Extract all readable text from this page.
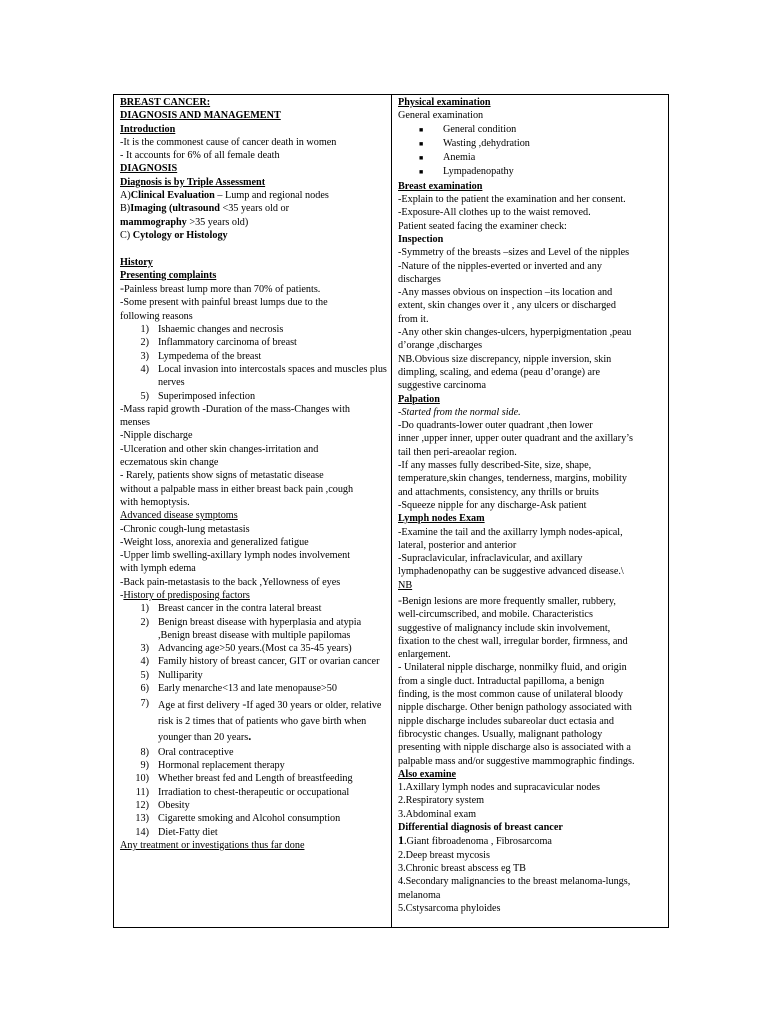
BREAST CANCER:
DIAGNOSIS AND MANAGEMENT
Introduction
-It is the commonest cause of cancer death in women
- It accounts for 6% of all female death
DIAGNOSIS
Diagnosis is by Triple Assessment
A)Clinical Evaluation – Lump and regional nodes
B)Imaging (ultrasound <35 years old or
mammography >35 years old)
C) Cytology or Histology
History
Presenting complaints
-Painless breast lump more than 70% of patients.
-Some present with painful breast lumps due to the
following reasons
1) Ishaemic changes and necrosis
2) Inflammatory carcinoma of breast
3) Lympedema of the breast
4) Local invasion into intercostals spaces and muscles plus nerves
5) Superimposed infection
-Mass rapid growth -Duration of the mass-Changes with
menses
-Nipple discharge
-Ulceration and other skin changes-irritation and
eczematous skin change
- Rarely, patients show signs of metastatic disease
without a palpable mass in either breast back pain ,cough
with hemoptysis.
Advanced disease symptoms
-Chronic cough-lung metastasis
-Weight loss, anorexia and generalized fatigue
-Upper limb swelling-axillary lymph nodes involvement
with lymph edema
-Back pain-metastasis to the back ,Yellowness of eyes
-History of predisposing factors
1) Breast cancer in the contra lateral breast
2) Benign breast disease with hyperplasia and atypia ,Benign breast disease with multiple papilomas
3) Advancing age>50 years.(Most ca 35-45 years)
4) Family history of breast cancer, GIT or ovarian cancer
5) Nulliparity
6) Early menarche<13 and late menopause>50
7) Age at first delivery -If aged 30 years or older, relative risk is 2 times that of patients who gave birth when younger than 20 years.
8) Oral contraceptive
9) Hormonal replacement therapy
10) Whether breast fed and Length of breastfeeding
11) Irradiation to chest-therapeutic or occupational
12) Obesity
13) Cigarette smoking and Alcohol consumption
14) Diet-Fatty diet
Any treatment or investigations thus far done
Physical examination
General examination
■	General condition
■	Wasting ,dehydration
■	Anemia
■	Lympadenopathy
Breast examination
-Explain to the patient the examination and her consent.
-Exposure-All clothes up to the waist removed.
Patient seated facing the examiner check:
Inspection
-Symmetry of the breasts –sizes and Level of the nipples
-Nature of the nipples-everted or inverted and any
discharges
-Any masses obvious on inspection –its location and
extent, skin changes over it , any ulcers or discharged
from it.
-Any other skin changes-ulcers, hyperpigmentation ,peau
d’orange ,discharges
NB.Obvious size discrepancy, nipple inversion, skin
dimpling, scaling, and edema (peau d’orange) are
suggestive carcinoma
Palpation
-Started from the normal side.
-Do quadrants-lower outer quadrant ,then lower
inner ,upper inner, upper outer quadrant and the axillary’s
tail then peri-areaolar region.
-If any masses fully described-Site, size, shape,
temperature,skin changes, tenderness, margins, mobility
and attachments, consistency, any thrills or bruits
-Squeeze nipple for any discharge-Ask patient
Lymph nodes Exam
-Examine the tail and the axillarry lymph nodes-apical,
lateral, posterior and anterior
-Supraclavicular, infraclavicular, and axillary
lymphadenopathy can be suggestive advanced disease.\
NB
-Benign lesions are more frequently smaller, rubbery,
well-circumscribed, and mobile. Characteristics
suggestive of malignancy include skin involvement,
fixation to the chest wall, irregular border, firmness, and
enlargement.
- Unilateral nipple discharge, nonmilky fluid, and origin
from a single duct. Intraductal papilloma, a benign
finding, is the most common cause of unilateral bloody
nipple discharge. Other benign pathology associated with
nipple discharge includes subareolar duct ectasia and
fibrocystic changes. Usually, malignant pathology
presenting with nipple discharge also is associated with a
palpable mass and/or suggestive mammographic findings.
Also examine
1.Axillary lymph nodes and supracavicular nodes
2.Respiratory system
3.Abdominal exam
Differential diagnosis of breast cancer
1.Giant fibroadenoma , Fibrosarcoma
2.Deep breast mycosis
3.Chronic breast abscess eg TB
4.Secondary malignancies to the breast melanoma-lungs,
melanoma
5.Cstysarcoma phyloides
